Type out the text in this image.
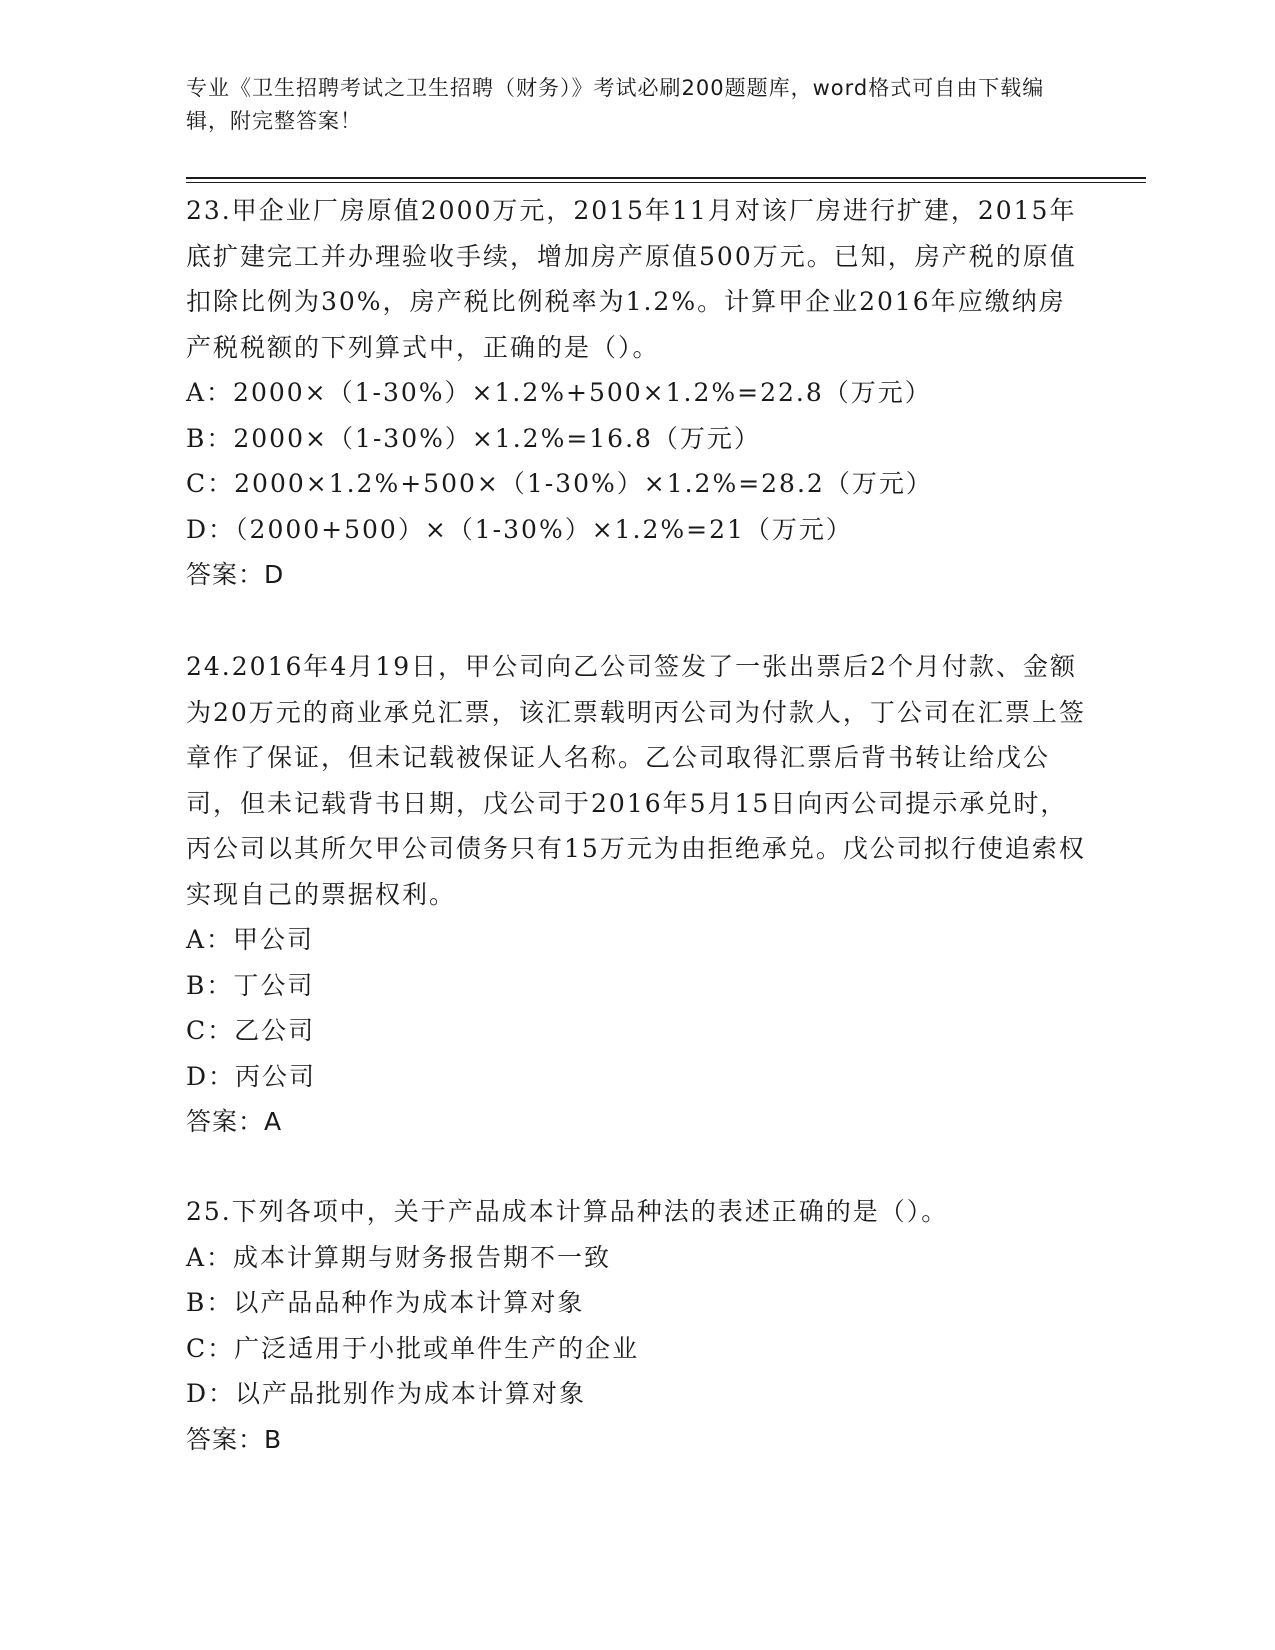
专业《卫生招聘考试之卫生招聘（财务）》考试必刷200题题库，word格式可自由下载编辑，附完整答案！

23.甲企业厂房原值2000万元，2015年11月对该厂房进行扩建，2015年底扩建完工并办理验收手续，增加房产原值500万元。已知，房产税的原值扣除比例为30%，房产税比例税率为1.2%。计算甲企业2016年应缴纳房产税税额的下列算式中，正确的是（）。

A：2000×（1-30%）×1.2%+500×1.2%=22.8（万元）

B：2000×（1-30%）×1.2%=16.8（万元）

C：2000×1.2%+500×（1-30%）×1.2%=28.2（万元）

D：（2000+500）×（1-30%）×1.2%=21（万元）

答案：D

24.2016年4月19日，甲公司向乙公司签发了一张出票后2个月付款、金额为20万元的商业承兑汇票，该汇票载明丙公司为付款人，丁公司在汇票上签章作了保证，但未记载被保证人名称。乙公司取得汇票后背书转让给戊公司，但未记载背书日期，戊公司于2016年5月15日向丙公司提示承兑时，丙公司以其所欠甲公司债务只有15万元为由拒绝承兑。戊公司拟行使追索权实现自己的票据权利。

A：甲公司

B：丁公司

C：乙公司

D：丙公司

答案：A

25.下列各项中，关于产品成本计算品种法的表述正确的是（）。

A：成本计算期与财务报告期不一致

B：以产品品种作为成本计算对象

C：广泛适用于小批或单件生产的企业

D：以产品批别作为成本计算对象

答案：B
